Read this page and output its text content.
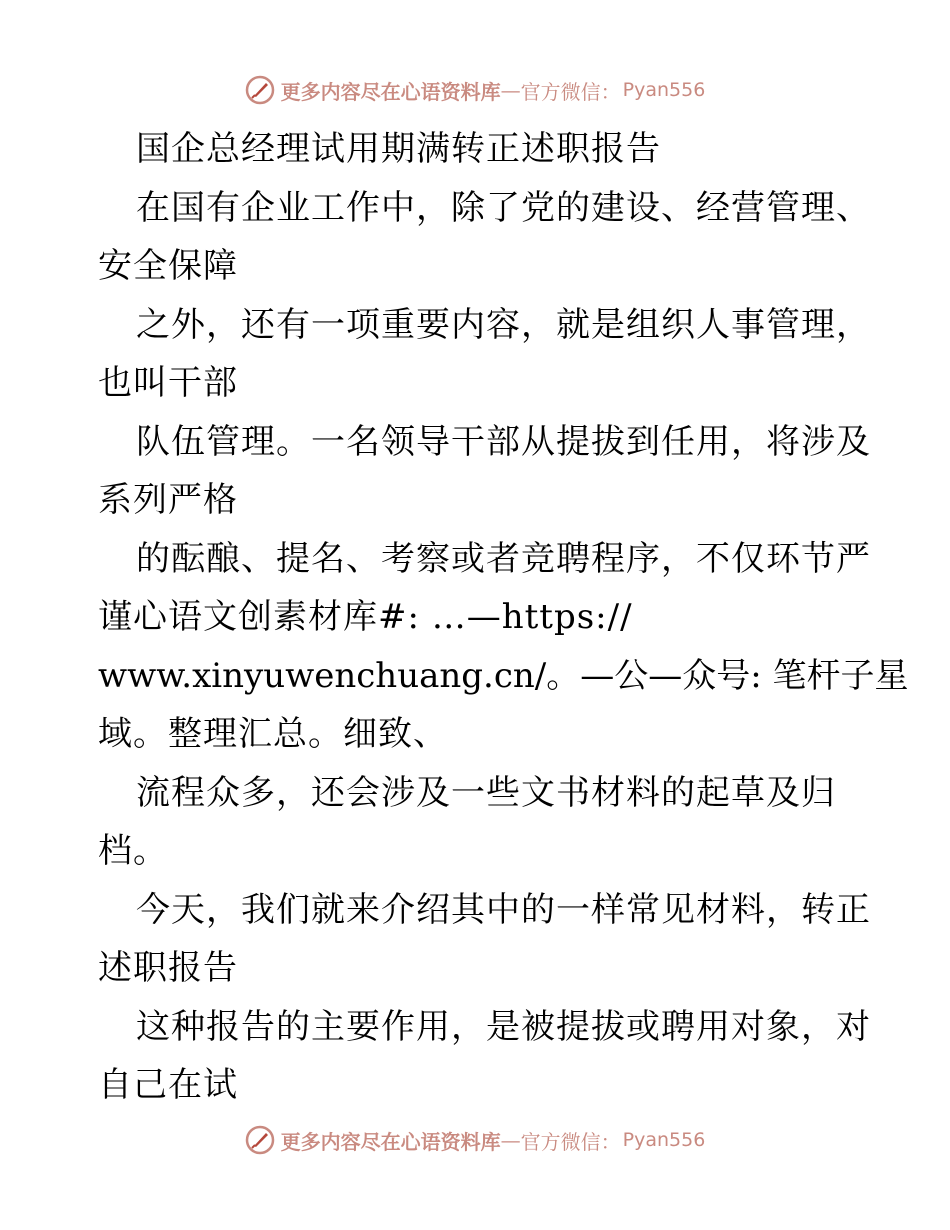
更多内容尽在心语资料库 — 官方微信： Pyan556
国企总经理试用期满转正述职报告
在国有企业工作中，除了党的建设、经营管理、
安全保障
之外，还有一项重要内容，就是组织人事管理，
也叫干部
队伍管理。一名领导干部从提拔到任用，将涉及
系列严格
的酝酿、提名、考察或者竞聘程序，不仅环节严
谨心语文创素材库#: …—https://
www.xinyuwenchuang.cn/。—公—众号: 笔杆子星
域。整理汇总。细致、
流程众多，还会涉及一些文书材料的起草及归
档。
今天，我们就来介绍其中的一样常见材料，转正
述职报告
这种报告的主要作用，是被提拔或聘用对象，对
自己在试
更多内容尽在心语资料库 — 官方微信： Pyan556
